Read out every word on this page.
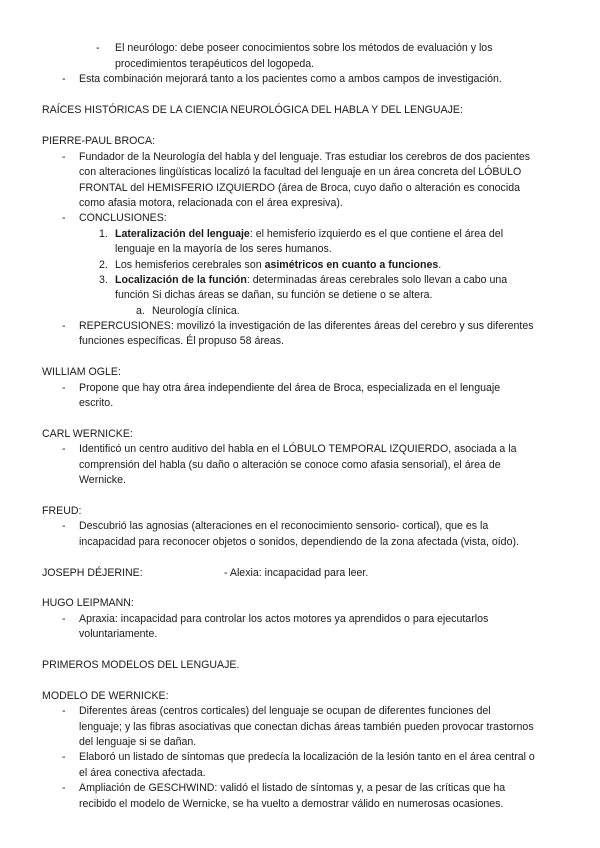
- El neurólogo: debe poseer conocimientos sobre los métodos de evaluación y los
procedimientos terapéuticos del logopeda.
- Esta combinación mejorará tanto a los pacientes como a ambos campos de investigación.
RAÍCES HISTÓRICAS DE LA CIENCIA NEUROLÓGICA DEL HABLA Y DEL LENGUAJE:
PIERRE-PAUL BROCA:
- Fundador de la Neurología del habla y del lenguaje. Tras estudiar los cerebros de dos pacientes
con alteraciones lingüísticas localizó la facultad del lenguaje en un área concreta del LÓBULO
FRONTAL del HEMISFERIO IZQUIERDO (área de Broca, cuyo daño o alteración es conocida
como afasia motora, relacionada con el área expresiva).
- CONCLUSIONES:
1. Lateralización del lenguaje: el hemisferio izquierdo es el que contiene el área del
lenguaje en la mayoría de los seres humanos.
2. Los hemisferios cerebrales son asimétricos en cuanto a funciones.
3. Localización de la función: determinadas áreas cerebrales solo llevan a cabo una
función Si dichas áreas se dañan, su función se detiene o se altera.
a. Neurología clínica.
- REPERCUSIONES: movilizó la investigación de las diferentes áreas del cerebro y sus diferentes
funciones específicas. Él propuso 58 áreas.
WILLIAM OGLE:
- Propone que hay otra área independiente del área de Broca, especializada en el lenguaje
escrito.
CARL WERNICKE:
- Identificó un centro auditivo del habla en el LÓBULO TEMPORAL IZQUIERDO, asociada a la
comprensión del habla (su daño o alteración se conoce como afasia sensorial), el área de
Wernicke.
FREUD:
- Descubrió las agnosias (alteraciones en el reconocimiento sensorio- cortical), que es la
incapacidad para reconocer objetos o sonidos, dependiendo de la zona afectada (vista, oído).
JOSEPH DÉJERINE:	- Alexia: incapacidad para leer.
HUGO LEIPMANN:
- Apraxia: incapacidad para controlar los actos motores ya aprendidos o para ejecutarlos
voluntariamente.
PRIMEROS MODELOS DEL LENGUAJE.
MODELO DE WERNICKE:
- Diferentes áreas (centros corticales) del lenguaje se ocupan de diferentes funciones del
lenguaje; y las fibras asociativas que conectan dichas áreas también pueden provocar trastornos
del lenguaje si se dañan.
- Elaboró un listado de síntomas que predecía la localización de la lesión tanto en el área central o
el área conectiva afectada.
- Ampliación de GESCHWIND: validó el listado de síntomas y, a pesar de las críticas que ha
recibido el modelo de Wernicke, se ha vuelto a demostrar válido en numerosas ocasiones.
